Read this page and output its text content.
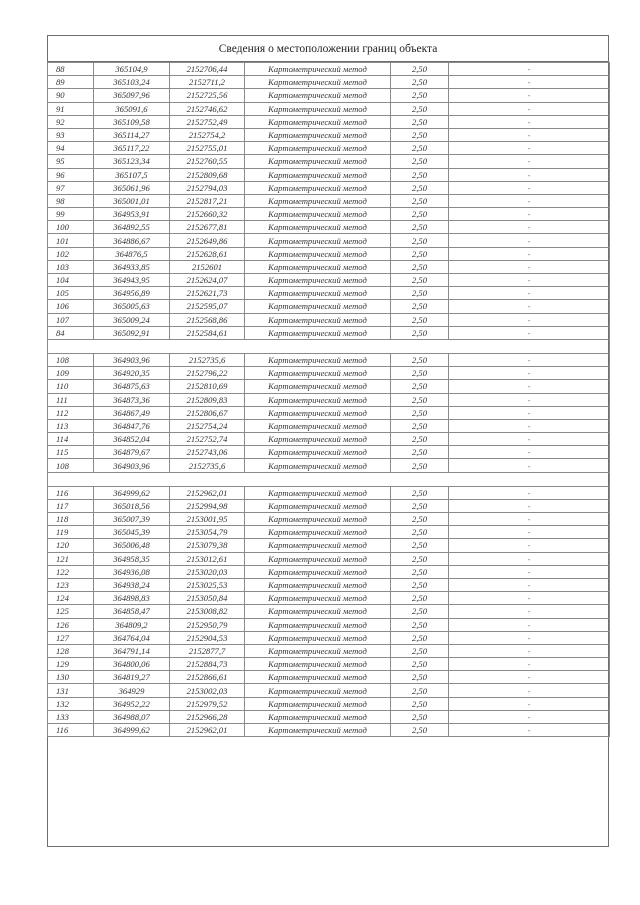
Сведения о местоположении границ объекта
88	365104,9	2152706,44	Картометрический метод	2,50	-
89	365103,24	2152711,2	Картометрический метод	2,50	-
90	365097,96	2152725,56	Картометрический метод	2,50	-
91	365091,6	2152746,62	Картометрический метод	2,50	-
92	365109,58	2152752,49	Картометрический метод	2,50	-
93	365114,27	2152754,2	Картометрический метод	2,50	-
94	365117,22	2152755,01	Картометрический метод	2,50	-
95	365123,34	2152760,55	Картометрический метод	2,50	-
96	365107,5	2152809,68	Картометрический метод	2,50	-
97	365061,96	2152794,03	Картометрический метод	2,50	-
98	365001,01	2152817,21	Картометрический метод	2,50	-
99	364953,91	2152660,32	Картометрический метод	2,50	-
100	364892,55	2152677,81	Картометрический метод	2,50	-
101	364886,67	2152649,86	Картометрический метод	2,50	-
102	364876,5	2152628,61	Картометрический метод	2,50	-
103	364933,85	2152601	Картометрический метод	2,50	-
104	364943,95	2152624,07	Картометрический метод	2,50	-
105	364956,89	2152621,73	Картометрический метод	2,50	-
106	365005,63	2152595,07	Картометрический метод	2,50	-
107	365009,24	2152568,86	Картометрический метод	2,50	-
84	365092,91	2152584,61	Картометрический метод	2,50	-

108	364903,96	2152735,6	Картометрический метод	2,50	-
109	364920,35	2152796,22	Картометрический метод	2,50	-
110	364875,63	2152810,69	Картометрический метод	2,50	-
111	364873,36	2152809,83	Картометрический метод	2,50	-
112	364867,49	2152806,67	Картометрический метод	2,50	-
113	364847,76	2152754,24	Картометрический метод	2,50	-
114	364852,04	2152752,74	Картометрический метод	2,50	-
115	364879,67	2152743,06	Картометрический метод	2,50	-
108	364903,96	2152735,6	Картометрический метод	2,50	-

116	364999,62	2152962,01	Картометрический метод	2,50	-
117	365018,56	2152994,98	Картометрический метод	2,50	-
118	365007,39	2153001,95	Картометрический метод	2,50	-
119	365045,39	2153054,79	Картометрический метод	2,50	-
120	365006,48	2153079,38	Картометрический метод	2,50	-
121	364958,35	2153012,61	Картометрический метод	2,50	-
122	364936,08	2153020,03	Картометрический метод	2,50	-
123	364938,24	2153025,53	Картометрический метод	2,50	-
124	364898,83	2153050,84	Картометрический метод	2,50	-
125	364858,47	2153008,82	Картометрический метод	2,50	-
126	364809,2	2152950,79	Картометрический метод	2,50	-
127	364764,04	2152904,53	Картометрический метод	2,50	-
128	364791,14	2152877,7	Картометрический метод	2,50	-
129	364800,06	2152884,73	Картометрический метод	2,50	-
130	364819,27	2152866,61	Картометрический метод	2,50	-
131	364929	2153002,03	Картометрический метод	2,50	-
132	364952,22	2152979,52	Картометрический метод	2,50	-
133	364988,07	2152966,28	Картометрический метод	2,50	-
116	364999,62	2152962,01	Картометрический метод	2,50	-
